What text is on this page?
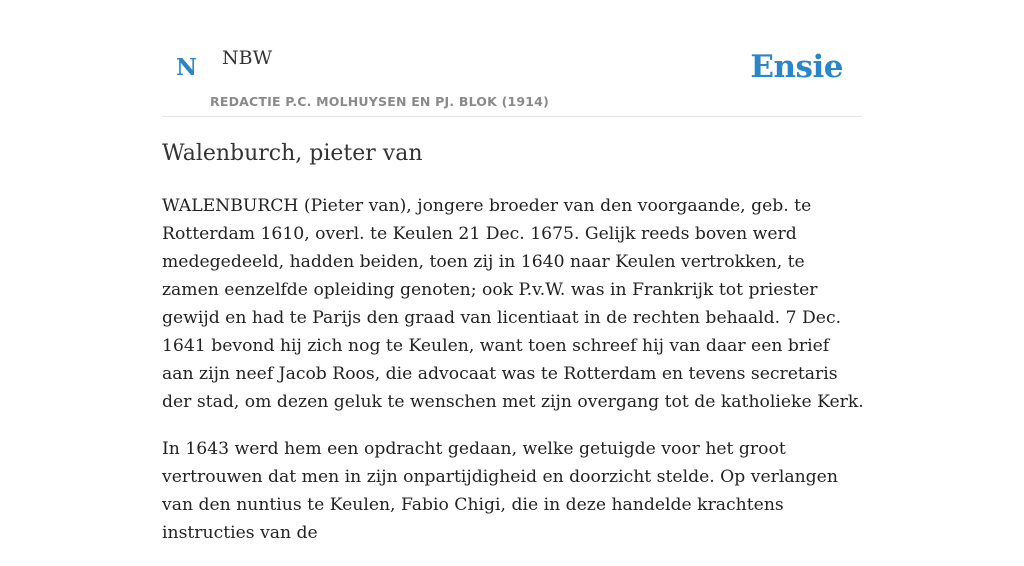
N NBW
REDACTIE P.C. MOLHUYSEN EN PJ. BLOK (1914)
Ensie
Walenburch, pieter van

WALENBURCH (Pieter van), jongere broeder van den voorgaande, geb. te Rotterdam 1610, overl. te Keulen 21 Dec. 1675. Gelijk reeds boven werd medegedeeld, hadden beiden, toen zij in 1640 naar Keulen vertrokken, te zamen eenzelfde opleiding genoten; ook P.v.W. was in Frankrijk tot priester gewijd en had te Parijs den graad van licentiaat in de rechten behaald. 7 Dec. 1641 bevond hij zich nog te Keulen, want toen schreef hij van daar een brief aan zijn neef Jacob Roos, die advocaat was te Rotterdam en tevens secretaris der stad, om dezen geluk te wenschen met zijn overgang tot de katholieke Kerk.

In 1643 werd hem een opdracht gedaan, welke getuigde voor het groot vertrouwen dat men in zijn onpartijdigheid en doorzicht stelde. Op verlangen van den nuntius te Keulen, Fabio Chigi, die in deze handelde krachtens instructies van de
